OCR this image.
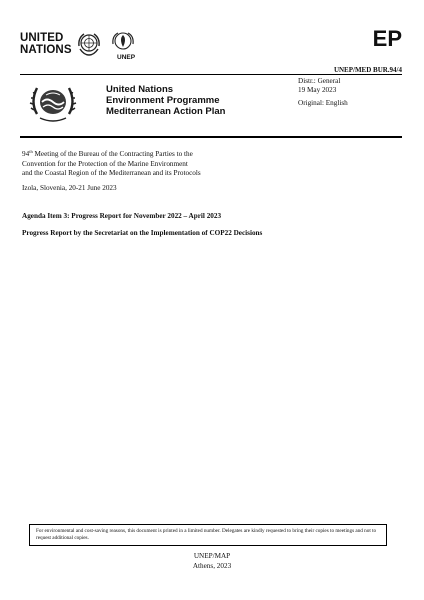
UNITED
NATIONS
UNEP
EP
UNEP/MED BUR.94/4
United Nations
Environment Programme
Mediterranean Action Plan
Distr.: General
19 May 2023
Original: English
94th Meeting of the Bureau of the Contracting Parties to the
Convention for the Protection of the Marine Environment
and the Coastal Region of the Mediterranean and its Protocols
Izola, Slovenia, 20-21 June 2023
Agenda Item 3: Progress Report for November 2022 – April 2023
Progress Report by the Secretariat on the Implementation of COP22 Decisions
For environmental and cost-saving reasons, this document is printed in a limited number. Delegates are kindly requested to bring their copies to meetings and not to request additional copies.
UNEP/MAP
Athens, 2023
